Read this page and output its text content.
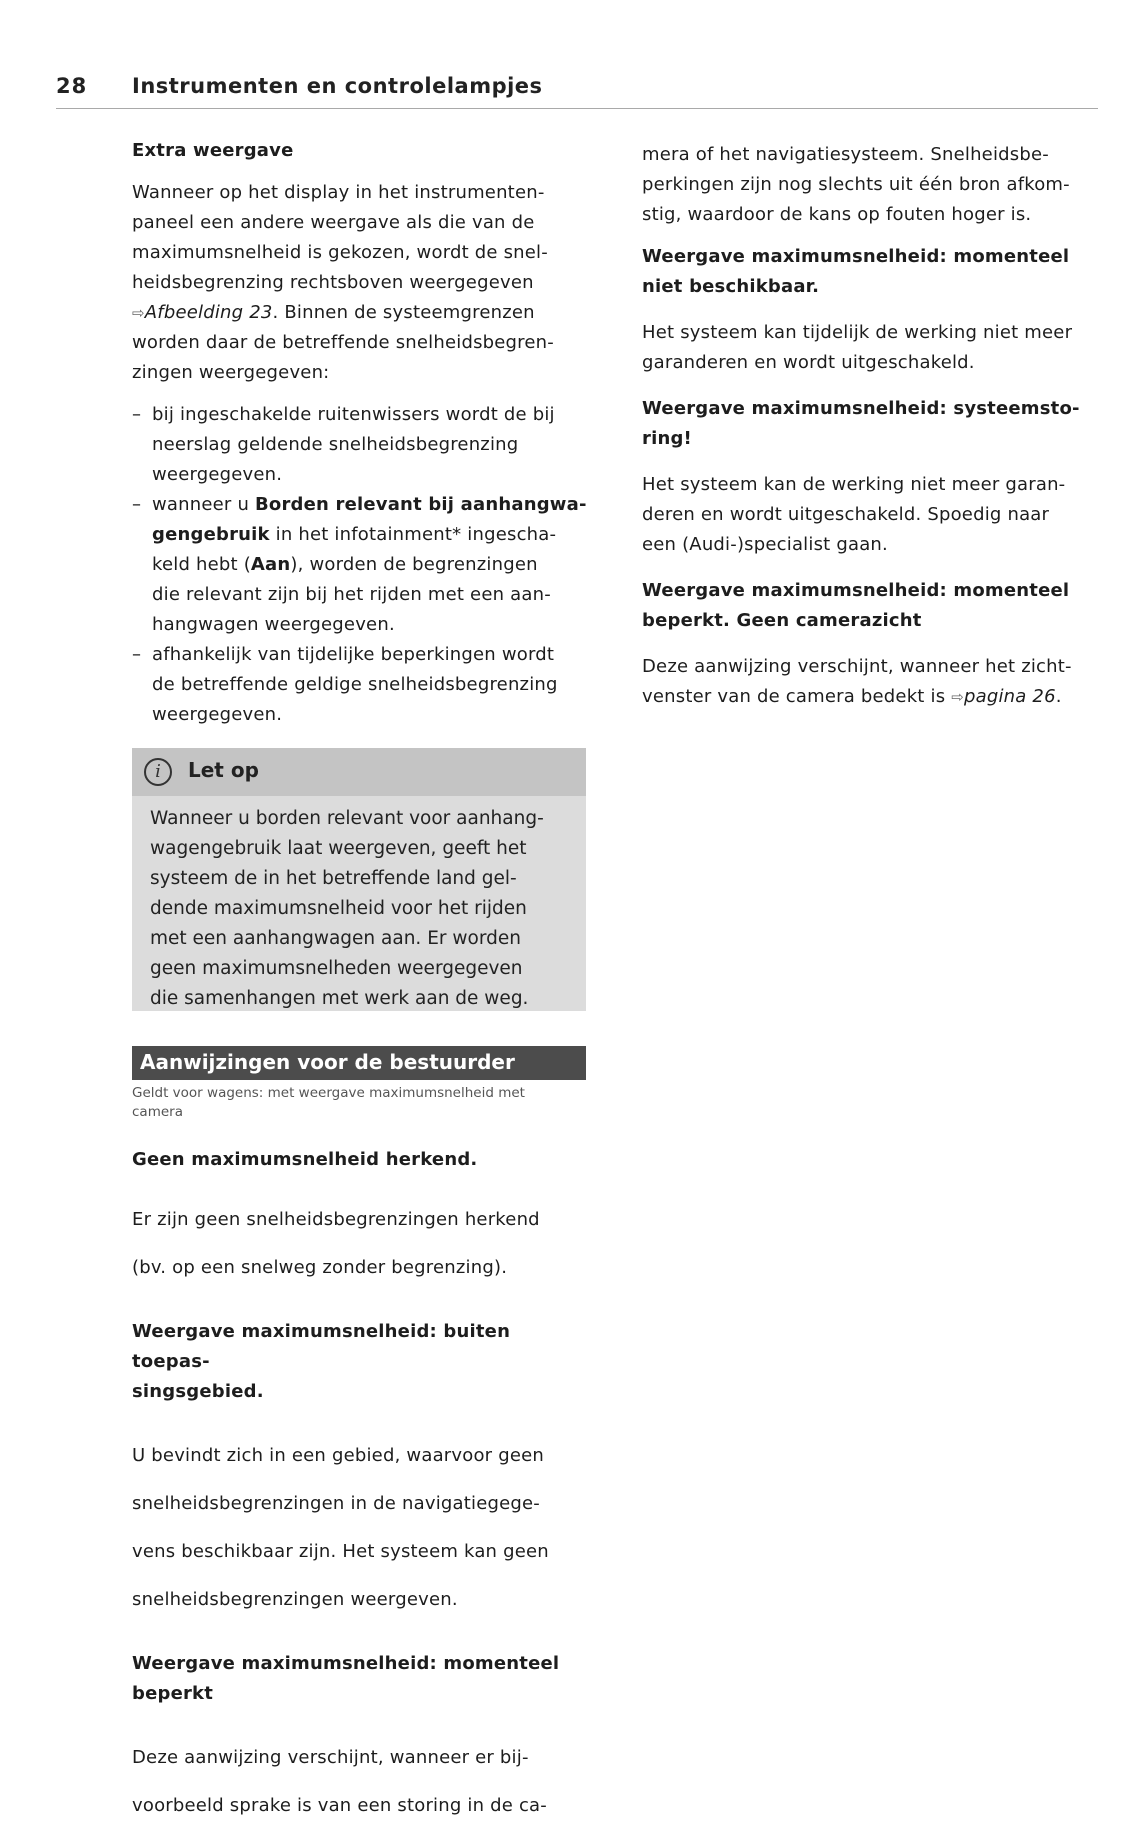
28 Instrumenten en controlelampjes

Extra weergave

Wanneer op het display in het instrumenten-

paneel een andere weergave als die van de

maximumsnelheid is gekozen, wordt de snel-

heidsbegrenzing rechtsboven weergegeven

⇨Afbeelding 23. Binnen de systeemgrenzen

worden daar de betreffende snelheidsbegren-

zingen weergegeven:

– bij ingeschakelde ruitenwissers wordt de bij
neerslag geldende snelheidsbegrenzing
weergegeven.
– wanneer u Borden relevant bij aanhangwa-
gengebruik in het infotainment* ingescha-
keld hebt (Aan), worden de begrenzingen
die relevant zijn bij het rijden met een aan-
hangwagen weergegeven.
– afhankelijk van tijdelijke beperkingen wordt
de betreffende geldige snelheidsbegrenzing
weergegeven.
i	Let op
Wanneer u borden relevant voor aanhang-
wagengebruik laat weergeven, geeft het
systeem de in het betreffende land gel-
dende maximumsnelheid voor het rijden
met een aanhangwagen aan. Er worden
geen maximumsnelheden weergegeven
die samenhangen met werk aan de weg.
Aanwijzingen voor de bestuurder
Geldt voor wagens: met weergave maximumsnelheid met
camera

Geen maximumsnelheid herkend.

Er zijn geen snelheidsbegrenzingen herkend

(bv. op een snelweg zonder begrenzing).

Weergave maximumsnelheid: buiten toepas-

singsgebied.

U bevindt zich in een gebied, waarvoor geen

snelheidsbegrenzingen in de navigatiegege-

vens beschikbaar zijn. Het systeem kan geen

snelheidsbegrenzingen weergeven.

Weergave maximumsnelheid: momenteel

beperkt

Deze aanwijzing verschijnt, wanneer er bij-

voorbeeld sprake is van een storing in de ca-

mera of het navigatiesysteem. Snelheidsbe-

perkingen zijn nog slechts uit één bron afkom-

stig, waardoor de kans op fouten hoger is.

Weergave maximumsnelheid: momenteel

niet beschikbaar.

Het systeem kan tijdelijk de werking niet meer

garanderen en wordt uitgeschakeld.

Weergave maximumsnelheid: systeemsto-

ring!

Het systeem kan de werking niet meer garan-

deren en wordt uitgeschakeld. Spoedig naar

een (Audi-)specialist gaan.

Weergave maximumsnelheid: momenteel

beperkt. Geen camerazicht

Deze aanwijzing verschijnt, wanneer het zicht-

venster van de camera bedekt is ⇨pagina 26.
